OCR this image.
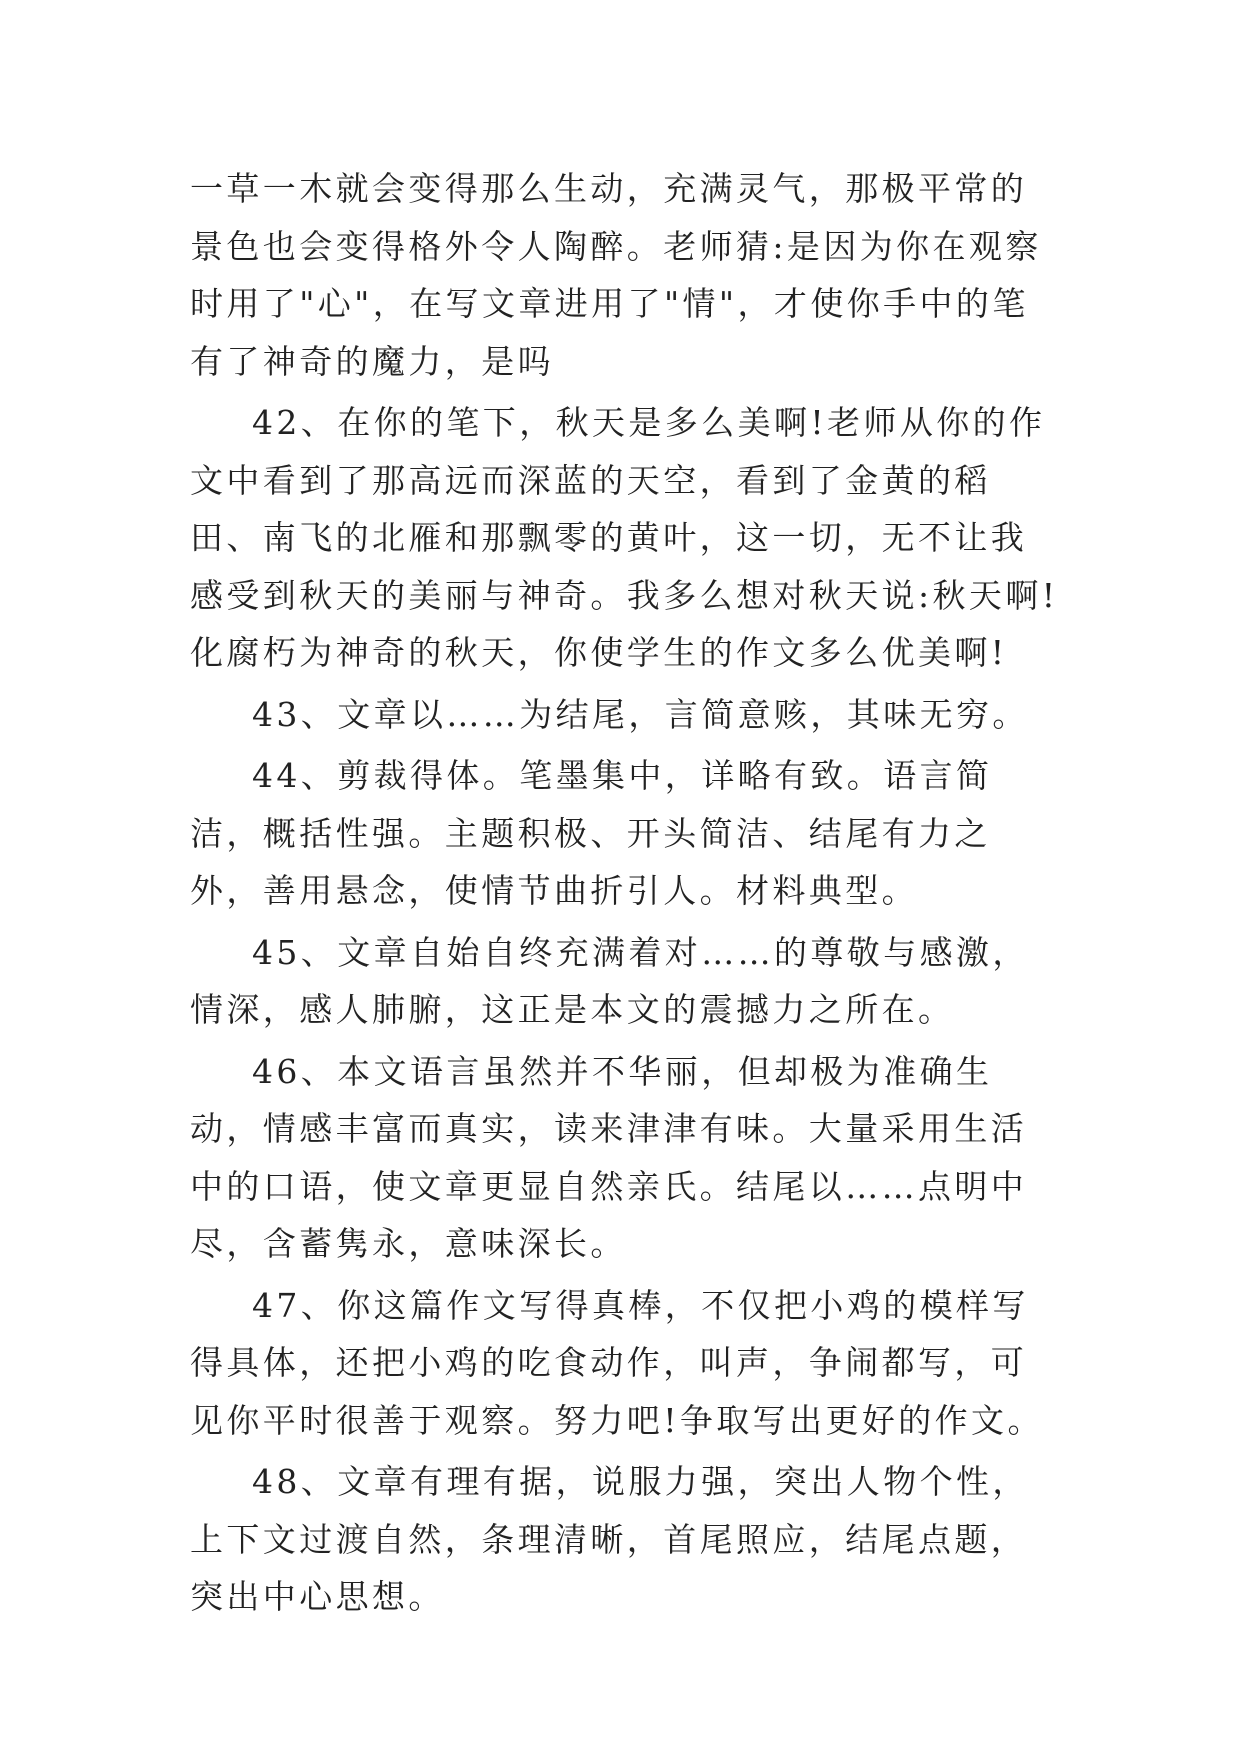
一草一木就会变得那么生动，充满灵气，那极平常的景色也会变得格外令人陶醉。老师猜:是因为你在观察时用了"心"，在写文章进用了"情"，才使你手中的笔有了神奇的魔力，是吗

42、在你的笔下，秋天是多么美啊!老师从你的作文中看到了那高远而深蓝的天空，看到了金黄的稻田、南飞的北雁和那飘零的黄叶，这一切，无不让我感受到秋天的美丽与神奇。我多么想对秋天说:秋天啊!化腐朽为神奇的秋天，你使学生的作文多么优美啊!

43、文章以……为结尾，言简意赅，其味无穷。

44、剪裁得体。笔墨集中，详略有致。语言简洁，概括性强。主题积极、开头简洁、结尾有力之外，善用悬念，使情节曲折引人。材料典型。

45、文章自始自终充满着对……的尊敬与感激，情深，感人肺腑，这正是本文的震撼力之所在。

46、本文语言虽然并不华丽，但却极为准确生动，情感丰富而真实，读来津津有味。大量采用生活中的口语，使文章更显自然亲氏。结尾以……点明中尽，含蓄隽永，意味深长。

47、你这篇作文写得真棒，不仅把小鸡的模样写得具体，还把小鸡的吃食动作，叫声，争闹都写，可见你平时很善于观察。努力吧!争取写出更好的作文。

48、文章有理有据，说服力强，突出人物个性，上下文过渡自然，条理清晰，首尾照应，结尾点题，突出中心思想。
